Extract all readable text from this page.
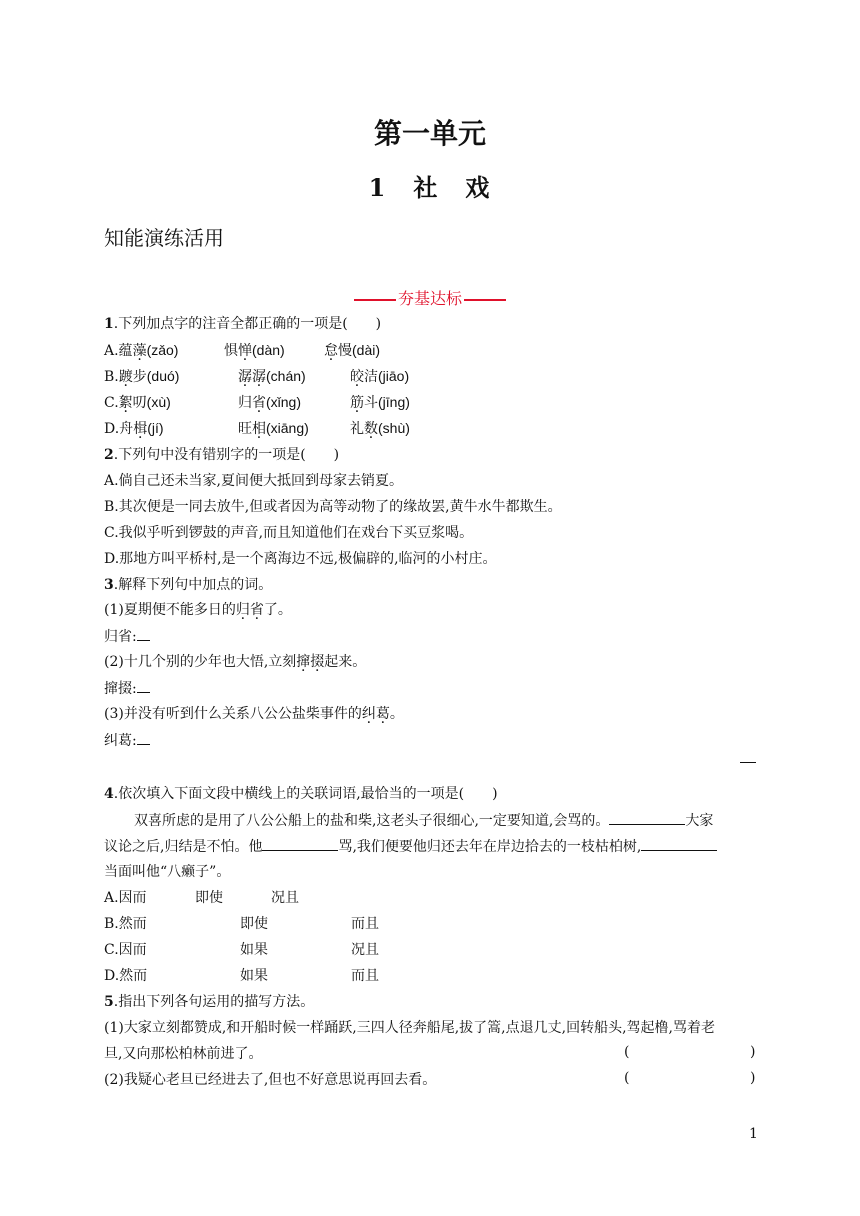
第一单元
1　社　戏
知能演练活用
夯基达标
1.下列加点字的注音全都正确的一项是(　　)
A.蕴藻(zǎo)	惧惮(dàn)	怠慢(dài)
B.踱步(duó)	潺潺(chán)	皎洁(jiāo)
C.絮叨(xù)	归省(xǐng)	筋斗(jīng)
D.舟楫(jí)	旺相(xiāng)	礼数(shù)
2.下列句中没有错别字的一项是(　　)
A.倘自己还未当家,夏间便大抵回到母家去销夏。
B.其次便是一同去放牛,但或者因为高等动物了的缘故罢,黄牛水牛都欺生。
C.我似乎听到锣鼓的声音,而且知道他们在戏台下买豆浆喝。
D.那地方叫平桥村,是一个离海边不远,极偏辟的,临河的小村庄。
3.解释下列句中加点的词。
(1)夏期便不能多日的归省了。
归省:
(2)十几个别的少年也大悟,立刻撺掇起来。
撺掇:
(3)并没有听到什么关系八公公盐柴事件的纠葛。
纠葛:
4.依次填入下面文段中横线上的关联词语,最恰当的一项是(　　)
双喜所虑的是用了八公公船上的盐和柴,这老头子很细心,一定要知道,会骂的。	大家
议论之后,归结是不怕。他	骂,我们便要他归还去年在岸边拾去的一枝枯柏树,
当面叫他“八癞子”。
A.因而	即使	况且
B.然而	即使	而且
C.因而	如果	况且
D.然而	如果	而且
5.指出下列各句运用的描写方法。
(1)大家立刻都赞成,和开船时候一样踊跃,三四人径奔船尾,拔了篙,点退几丈,回转船头,驾起橹,骂着老
旦,又向那松柏林前进了。	(	)
(2)我疑心老旦已经进去了,但也不好意思说再回去看。	(	)
1
